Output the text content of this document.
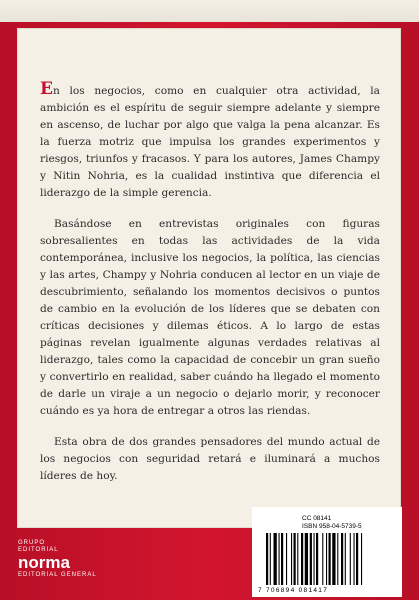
En los negocios, como en cualquier otra actividad, la ambición es el espíritu de seguir siempre adelante y siempre en ascenso, de luchar por algo que valga la pena alcanzar. Es la fuerza motriz que impulsa los grandes experimentos y riesgos, triunfos y fracasos. Y para los autores, James Champy y Nitin Nohria, es la cualidad instintiva que diferencia el liderazgo de la simple gerencia.

Basándose en entrevistas originales con figuras sobresalientes en todas las actividades de la vida contemporánea, inclusive los negocios, la política, las ciencias y las artes, Champy y Nohria conducen al lector en un viaje de descubrimiento, señalando los momentos decisivos o puntos de cambio en la evolución de los líderes que se debaten con críticas decisiones y dilemas éticos. A lo largo de estas páginas revelan igualmente algunas verdades relativas al liderazgo, tales como la capacidad de concebir un gran sueño y convertirlo en realidad, saber cuándo ha llegado el momento de darle un viraje a un negocio o dejarlo morir, y reconocer cuándo es ya hora de entregar a otros las riendas.

Esta obra de dos grandes pensadores del mundo actual de los negocios con seguridad retará e iluminará a muchos líderes de hoy.

GRUPO
EDITORIAL
norma
EDITORIAL GENERAL
CC 08141
ISBN 958-04-5739-5
7 706894 081417
